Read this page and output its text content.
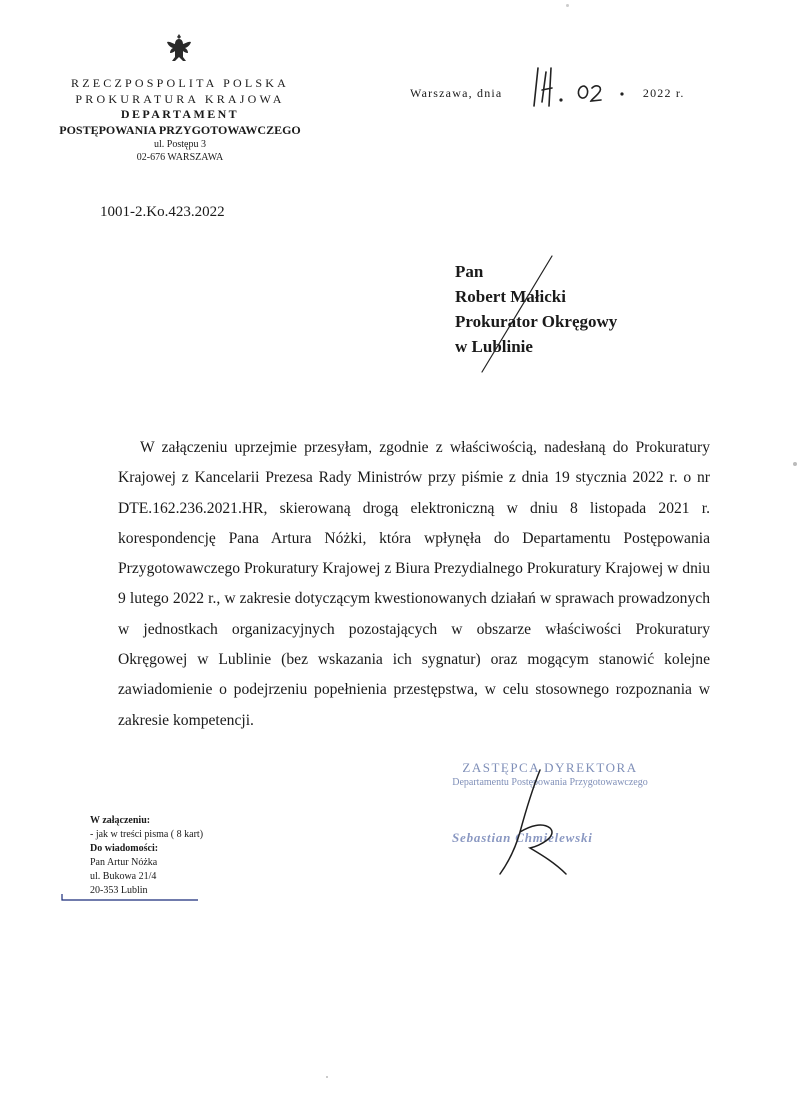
RZECZPOSPOLITA POLSKA
PROKURATURA KRAJOWA
DEPARTAMENT
POSTĘPOWANIA PRZYGOTOWAWCZEGO
ul. Postępu 3
02-676 WARSZAWA
1001-2.Ko.423.2022
Warszawa, dnia	2022 r.
Pan
Robert Małicki
Prokurator Okręgowy
w Lublinie
W załączeniu uprzejmie przesyłam, zgodnie z właściwością, nadesłaną do Prokuratury Krajowej z Kancelarii Prezesa Rady Ministrów przy piśmie z dnia 19 stycznia 2022 r. o nr DTE.162.236.2021.HR, skierowaną drogą elektroniczną w dniu 8 listopada 2021 r. korespondencję Pana Artura Nóżki, która wpłynęła do Departamentu Postępowania Przygotowawczego Prokuratury Krajowej z Biura Prezydialnego Prokuratury Krajowej w dniu 9 lutego 2022 r., w zakresie dotyczącym kwestionowanych działań w sprawach prowadzonych w jednostkach organizacyjnych pozostających w obszarze właściwości Prokuratury Okręgowej w Lublinie (bez wskazania ich sygnatur) oraz mogącym stanowić kolejne zawiadomienie o podejrzeniu popełnienia przestępstwa, w celu stosownego rozpoznania w zakresie kompetencji.
ZASTĘPCA DYREKTORA
Departamentu Postępowania Przygotowawczego
Sebastian Chmielewski
W załączeniu:
- jak w treści pisma ( 8 kart)
Do wiadomości:
Pan Artur Nóżka
ul. Bukowa 21/4
20-353 Lublin
